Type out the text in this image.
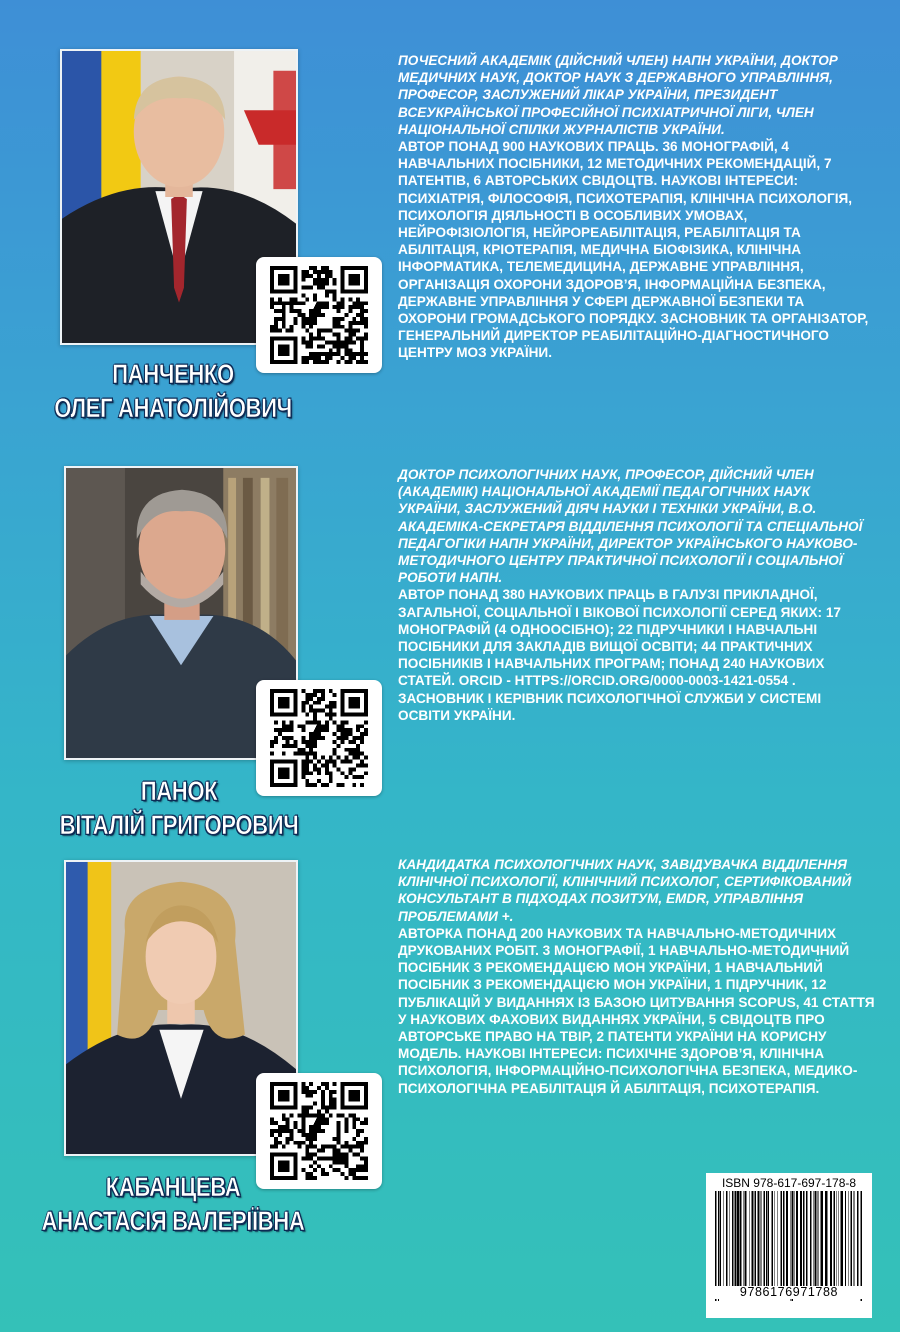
ПАНЧЕНКО
ОЛЕГ АНАТОЛІЙОВИЧ
ПОЧЕСНИЙ АКАДЕМІК (ДІЙСНИЙ ЧЛЕН) НАПН УКРАЇНИ, ДОКТОР МЕДИЧНИХ НАУК, ДОКТОР НАУК З ДЕРЖАВНОГО УПРАВЛІННЯ, ПРОФЕСОР, ЗАСЛУЖЕНИЙ ЛІКАР УКРАЇНИ, ПРЕЗИДЕНТ ВСЕУКРАЇНСЬКОЇ ПРОФЕСІЙНОЇ ПСИХІАТРИЧНОЇ ЛІГИ, ЧЛЕН НАЦІОНАЛЬНОЇ СПІЛКИ ЖУРНАЛІСТІВ УКРАЇНИ.
АВТОР ПОНАД 900 НАУКОВИХ ПРАЦЬ. 36 МОНОГРАФІЙ, 4 НАВЧАЛЬНИХ ПОСІБНИКИ, 12 МЕТОДИЧНИХ РЕКОМЕНДАЦІЙ, 7 ПАТЕНТІВ, 6 АВТОРСЬКИХ СВІДОЦТВ. НАУКОВІ ІНТЕРЕСИ: ПСИХІАТРІЯ, ФІЛОСОФІЯ, ПСИХОТЕРАПІЯ, КЛІНІЧНА ПСИХОЛОГІЯ, ПСИХОЛОГІЯ ДІЯЛЬНОСТІ В ОСОБЛИВИХ УМОВАХ, НЕЙРОФІЗІОЛОГІЯ, НЕЙРОРЕАБІЛІТАЦІЯ, РЕАБІЛІТАЦІЯ ТА АБІЛІТАЦІЯ, КРІОТЕРАПІЯ, МЕДИЧНА БІОФІЗИКА, КЛІНІЧНА ІНФОРМАТИКА, ТЕЛЕМЕДИЦИНА, ДЕРЖАВНЕ УПРАВЛІННЯ, ОРГАНІЗАЦІЯ ОХОРОНИ ЗДОРОВ’Я, ІНФОРМАЦІЙНА БЕЗПЕКА, ДЕРЖАВНЕ УПРАВЛІННЯ У СФЕРІ ДЕРЖАВНОЇ БЕЗПЕКИ ТА ОХОРОНИ ГРОМАДСЬКОГО ПОРЯДКУ. ЗАСНОВНИК ТА ОРГАНІЗАТОР, ГЕНЕРАЛЬНИЙ ДИРЕКТОР РЕАБІЛІТАЦІЙНО-ДІАГНОСТИЧНОГО ЦЕНТРУ МОЗ УКРАЇНИ.
ПАНОК
ВІТАЛІЙ ГРИГОРОВИЧ
ДОКТОР ПСИХОЛОГІЧНИХ НАУК, ПРОФЕСОР, ДІЙСНИЙ ЧЛЕН (АКАДЕМІК) НАЦІОНАЛЬНОЇ АКАДЕМІЇ ПЕДАГОГІЧНИХ НАУК УКРАЇНИ, ЗАСЛУЖЕНИЙ ДІЯЧ НАУКИ І ТЕХНІКИ УКРАЇНИ, В.О. АКАДЕМІКА-СЕКРЕТАРЯ ВІДДІЛЕННЯ ПСИХОЛОГІЇ ТА СПЕЦІАЛЬНОЇ ПЕДАГОГІКИ НАПН УКРАЇНИ, ДИРЕКТОР УКРАЇНСЬКОГО НАУКОВО-МЕТОДИЧНОГО ЦЕНТРУ ПРАКТИЧНОЇ ПСИХОЛОГІЇ І СОЦІАЛЬНОЇ РОБОТИ НАПН.
АВТОР ПОНАД 380 НАУКОВИХ ПРАЦЬ В ГАЛУЗІ ПРИКЛАДНОЇ, ЗАГАЛЬНОЇ, СОЦІАЛЬНОЇ І ВІКОВОЇ ПСИХОЛОГІЇ СЕРЕД ЯКИХ: 17 МОНОГРАФІЙ (4 ОДНООСІБНО); 22 ПІДРУЧНИКИ І НАВЧАЛЬНІ ПОСІБНИКИ ДЛЯ ЗАКЛАДІВ ВИЩОЇ ОСВІТИ; 44 ПРАКТИЧНИХ ПОСІБНИКІВ І НАВЧАЛЬНИХ ПРОГРАМ; ПОНАД 240 НАУКОВИХ СТАТЕЙ. ORCID - HTTPS://ORCID.ORG/0000-0003-1421-0554 . ЗАСНОВНИК І КЕРІВНИК ПСИХОЛОГІЧНОЇ СЛУЖБИ У СИСТЕМІ ОСВІТИ УКРАЇНИ.
КАБАНЦЕВА
АНАСТАСІЯ ВАЛЕРІЇВНА
КАНДИДАТКА ПСИХОЛОГІЧНИХ НАУК, ЗАВІДУВАЧКА ВІДДІЛЕННЯ КЛІНІЧНОЇ ПСИХОЛОГІЇ, КЛІНІЧНИЙ ПСИХОЛОГ, СЕРТИФІКОВАНИЙ КОНСУЛЬТАНТ В ПІДХОДАХ ПОЗИТУМ, EMDR, УПРАВЛІННЯ ПРОБЛЕМАМИ +.
АВТОРКА ПОНАД 200 НАУКОВИХ ТА НАВЧАЛЬНО-МЕТОДИЧНИХ ДРУКОВАНИХ РОБІТ. 3 МОНОГРАФІЇ, 1 НАВЧАЛЬНО-МЕТОДИЧНИЙ ПОСІБНИК З РЕКОМЕНДАЦІЄЮ МОН УКРАЇНИ, 1 НАВЧАЛЬНИЙ ПОСІБНИК З РЕКОМЕНДАЦІЄЮ МОН УКРАЇНИ, 1 ПІДРУЧНИК, 12 ПУБЛІКАЦІЙ У ВИДАННЯХ ІЗ БАЗОЮ ЦИТУВАННЯ SCOPUS, 41 СТАТТЯ У НАУКОВИХ ФАХОВИХ ВИДАННЯХ УКРАЇНИ, 5 СВІДОЦТВ ПРО АВТОРСЬКЕ ПРАВО НА ТВІР, 2 ПАТЕНТИ УКРАЇНИ НА КОРИСНУ МОДЕЛЬ. НАУКОВІ ІНТЕРЕСИ: ПСИХІЧНЕ ЗДОРОВ’Я, КЛІНІЧНА ПСИХОЛОГІЯ, ІНФОРМАЦІЙНО-ПСИХОЛОГІЧНА БЕЗПЕКА, МЕДИКО-ПСИХОЛОГІЧНА РЕАБІЛІТАЦІЯ Й АБІЛІТАЦІЯ, ПСИХОТЕРАПІЯ.
ISBN 978-617-697-178-8
9786176971788
